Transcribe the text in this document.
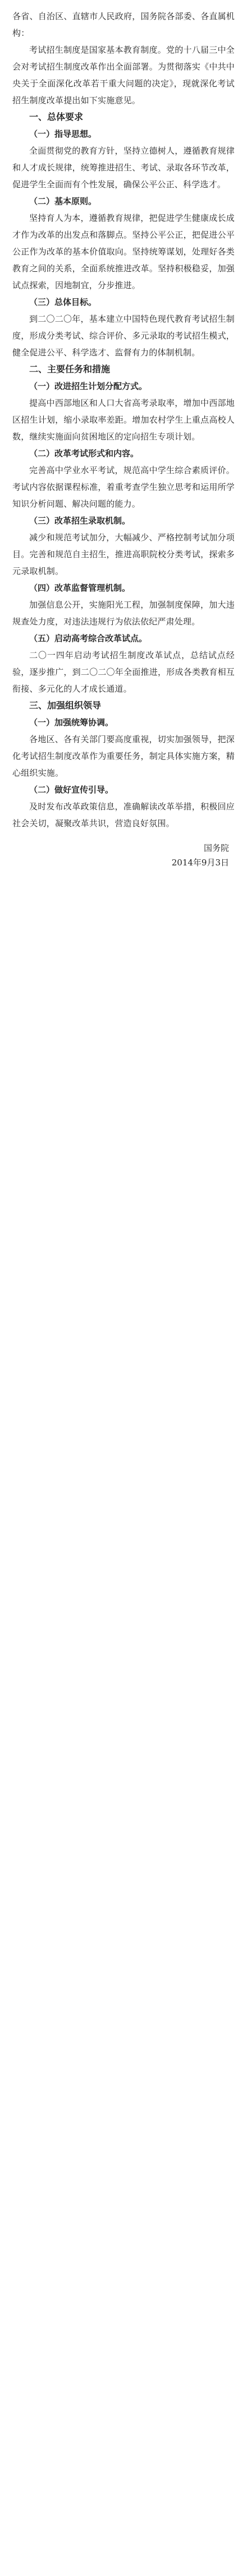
各省、自治区、直辖市人民政府，国务院各部委、各直属机构：

考试招生制度是国家基本教育制度。党的十八届三中全会对考试招生制度改革作出全面部署。为贯彻落实《中共中央关于全面深化改革若干重大问题的决定》，现就深化考试招生制度改革提出如下实施意见。

一、总体要求

（一）指导思想。

全面贯彻党的教育方针，坚持立德树人，遵循教育规律和人才成长规律，统筹推进招生、考试、录取各环节改革，促进学生全面而有个性发展，确保公平公正、科学选才。

（二）基本原则。

坚持育人为本，遵循教育规律，把促进学生健康成长成才作为改革的出发点和落脚点。坚持公平公正，把促进公平公正作为改革的基本价值取向。坚持统筹谋划，处理好各类教育之间的关系，全面系统推进改革。坚持积极稳妥，加强试点探索，因地制宜，分步推进。

（三）总体目标。

到二〇二〇年，基本建立中国特色现代教育考试招生制度，形成分类考试、综合评价、多元录取的考试招生模式，健全促进公平、科学选才、监督有力的体制机制。

二、主要任务和措施

（一）改进招生计划分配方式。

提高中西部地区和人口大省高考录取率，增加中西部地区招生计划，缩小录取率差距。增加农村学生上重点高校人数，继续实施面向贫困地区的定向招生专项计划。

（二）改革考试形式和内容。

完善高中学业水平考试，规范高中学生综合素质评价。考试内容依据课程标准，着重考查学生独立思考和运用所学知识分析问题、解决问题的能力。

（三）改革招生录取机制。

减少和规范考试加分，大幅减少、严格控制考试加分项目。完善和规范自主招生，推进高职院校分类考试，探索多元录取机制。

（四）改革监督管理机制。

加强信息公开，实施阳光工程，加强制度保障，加大违规查处力度，对违法违规行为依法依纪严肃处理。

（五）启动高考综合改革试点。

二〇一四年启动考试招生制度改革试点，总结试点经验，逐步推广，到二〇二〇年全面推进，形成各类教育相互衔接、多元化的人才成长通道。

三、加强组织领导

（一）加强统筹协调。

各地区、各有关部门要高度重视，切实加强领导，把深化考试招生制度改革作为重要任务，制定具体实施方案，精心组织实施。

（二）做好宣传引导。

及时发布改革政策信息，准确解读改革举措，积极回应社会关切，凝聚改革共识，营造良好氛围。

国务院
2014年9月3日
